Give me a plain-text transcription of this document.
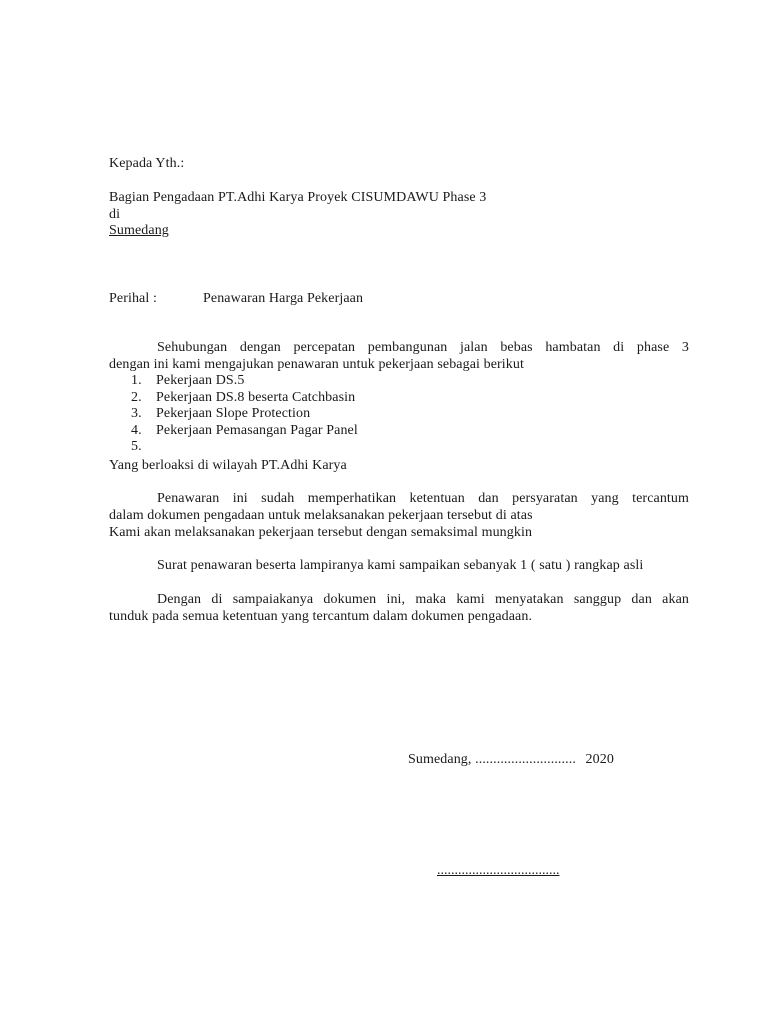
Kepada Yth.:
Bagian Pengadaan PT.Adhi Karya Proyek CISUMDAWU Phase 3
di
Sumedang
Perihal :	Penawaran Harga Pekerjaan
Sehubungan dengan percepatan pembangunan jalan bebas hambatan di phase 3
dengan ini kami mengajukan penawaran untuk pekerjaan sebagai berikut
1. Pekerjaan DS.5
2. Pekerjaan DS.8 beserta Catchbasin
3. Pekerjaan Slope Protection
4. Pekerjaan Pemasangan Pagar Panel
5.
Yang berloaksi di wilayah PT.Adhi Karya
Penawaran ini sudah memperhatikan ketentuan dan persyaratan yang tercantum
dalam dokumen pengadaan untuk melaksanakan pekerjaan tersebut di atas
Kami akan melaksanakan pekerjaan tersebut dengan semaksimal mungkin
Surat penawaran beserta lampiranya kami sampaikan sebanyak 1 ( satu ) rangkap asli
Dengan di sampaiakanya dokumen ini, maka kami menyatakan sanggup dan akan
tunduk pada semua ketentuan yang tercantum dalam dokumen pengadaan.
Sumedang, ............................ 2020
...................................
